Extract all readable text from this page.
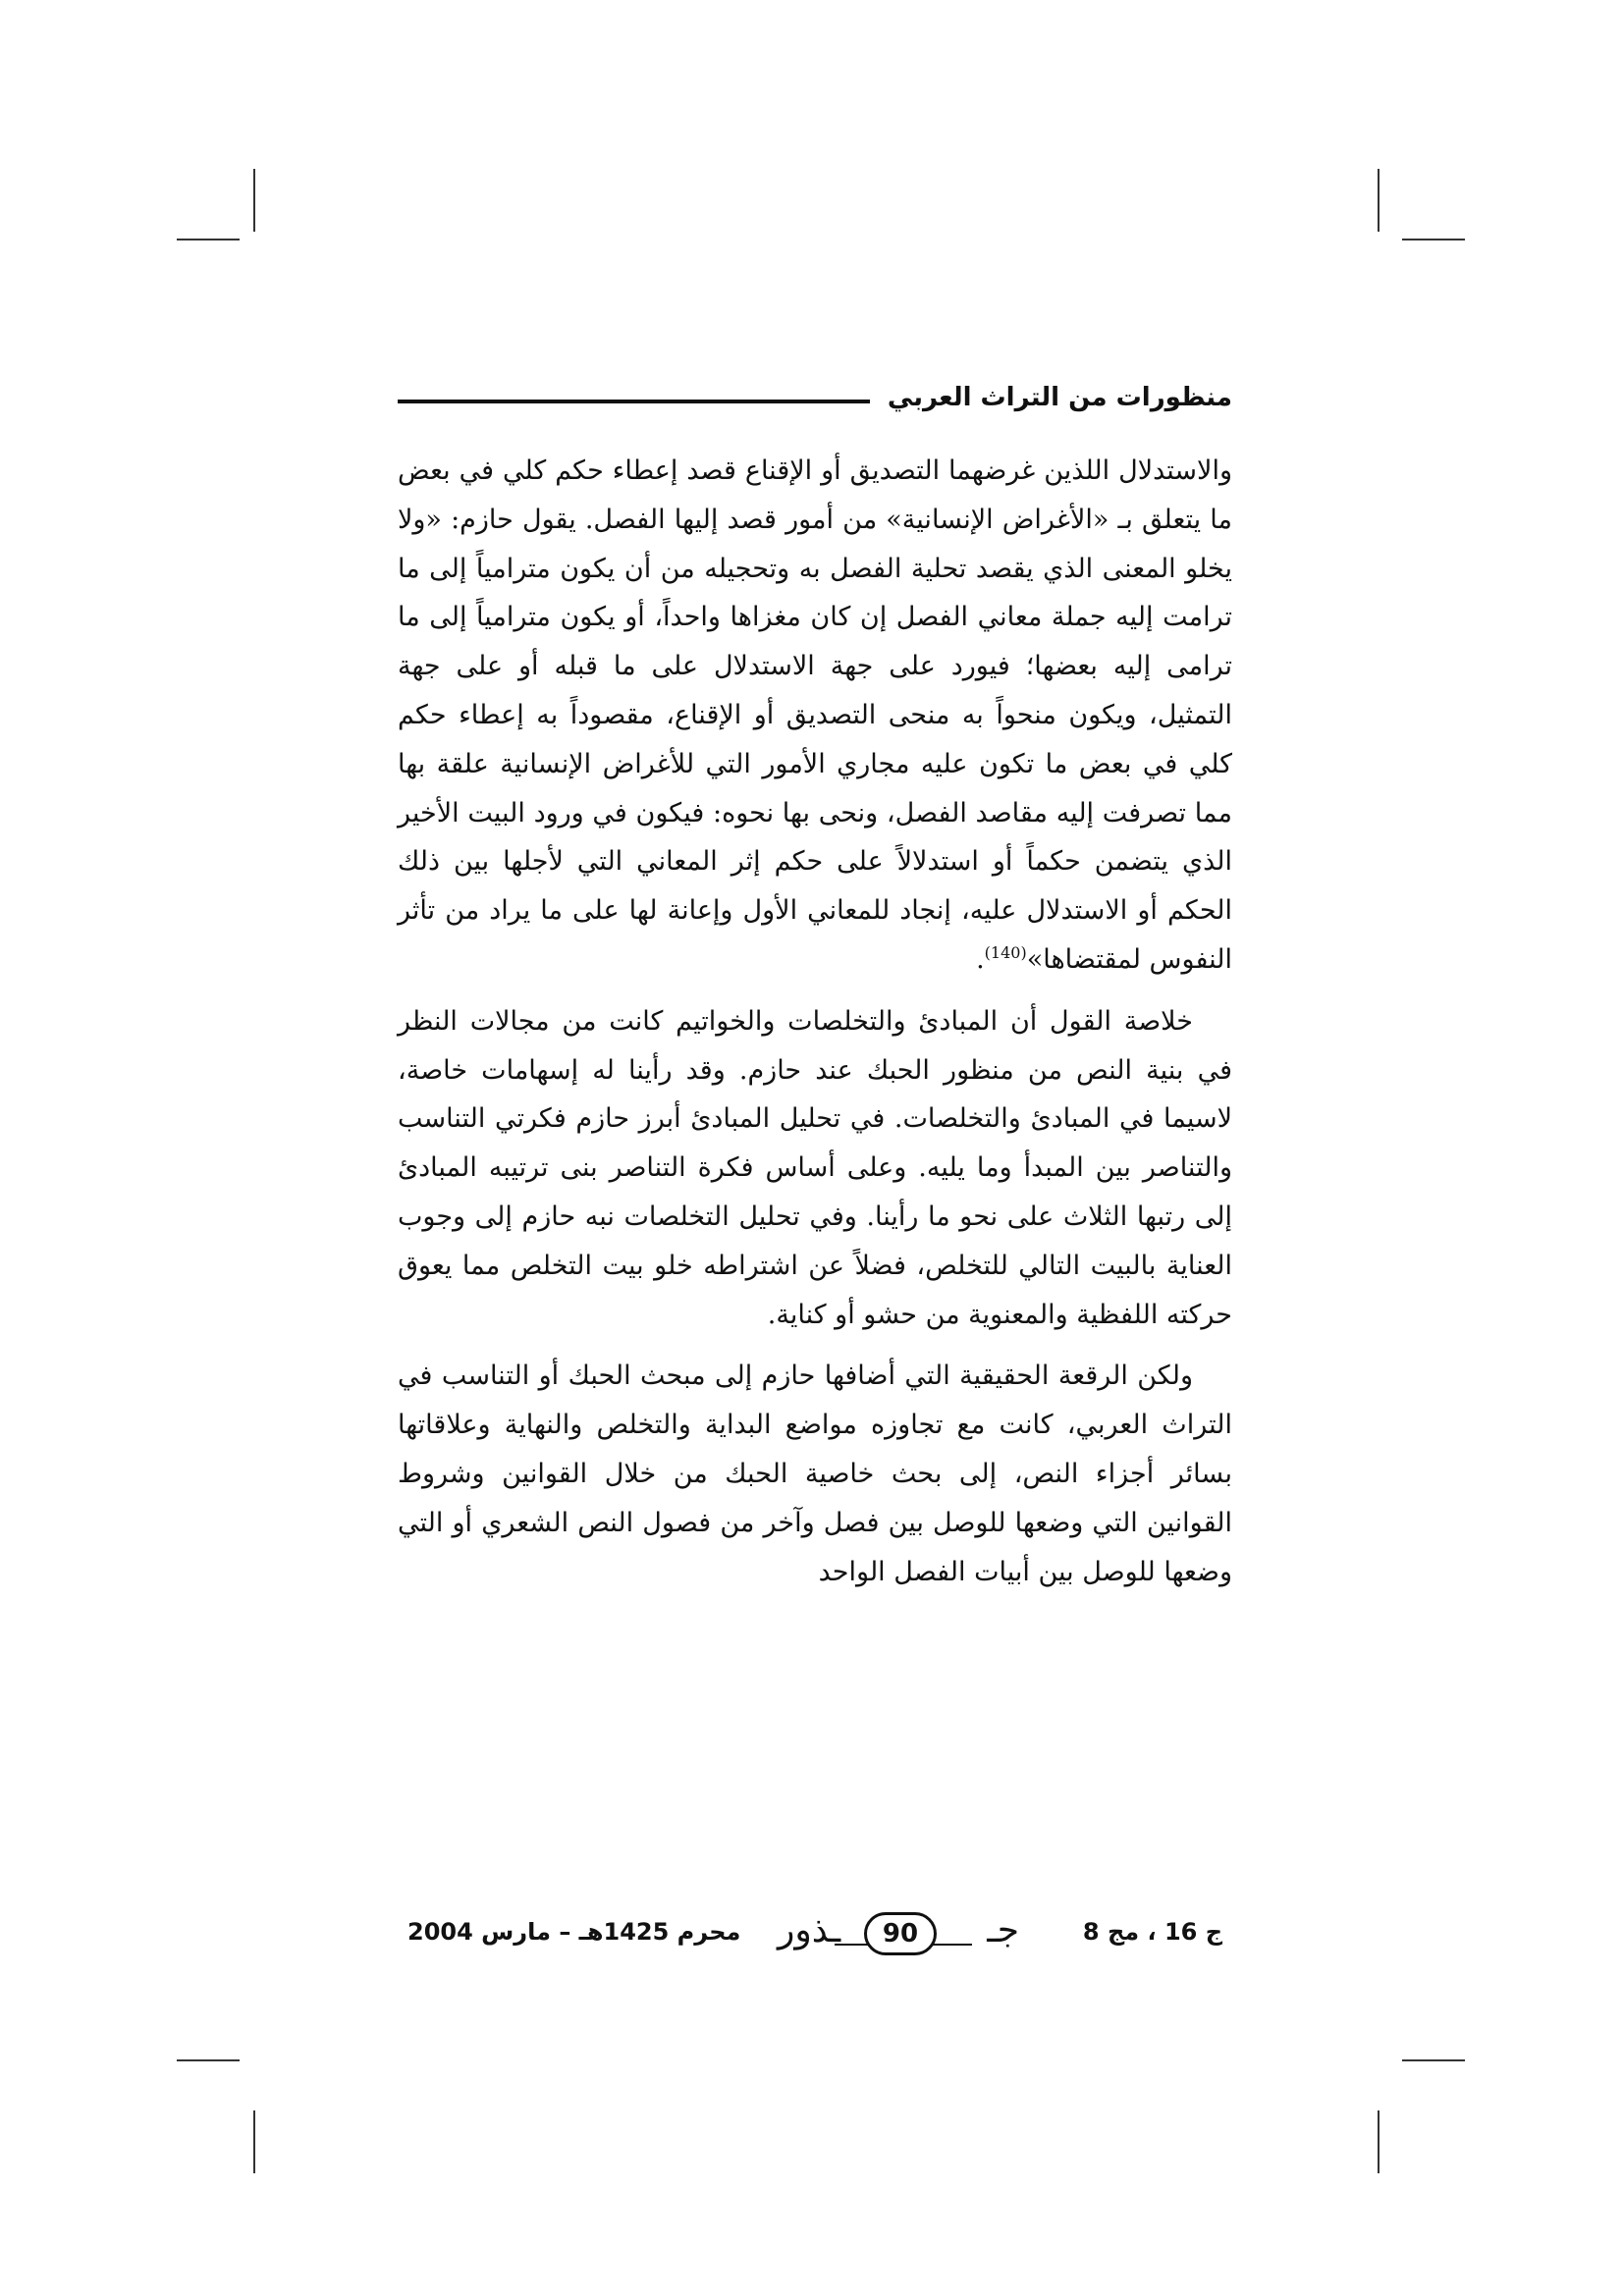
منظورات من التراث العربي

والاستدلال اللذين غرضهما التصديق أو الإقناع قصد إعطاء حكم كلي في بعض ما يتعلق بـ «الأغراض الإنسانية» من أمور قصد إليها الفصل. يقول حازم: «ولا يخلو المعنى الذي يقصد تحلية الفصل به وتحجيله من أن يكون مترامياً إلى ما ترامت إليه جملة معاني الفصل إن كان مغزاها واحداً، أو يكون مترامياً إلى ما ترامى إليه بعضها؛ فيورد على جهة الاستدلال على ما قبله أو على جهة التمثيل، ويكون منحواً به منحى التصديق أو الإقناع، مقصوداً به إعطاء حكم كلي في بعض ما تكون عليه مجاري الأمور التي للأغراض الإنسانية علقة بها مما تصرفت إليه مقاصد الفصل، ونحى بها نحوه: فيكون في ورود البيت الأخير الذي يتضمن حكماً أو استدلالاً على حكم إثر المعاني التي لأجلها بين ذلك الحكم أو الاستدلال عليه، إنجاد للمعاني الأول وإعانة لها على ما يراد من تأثر النفوس لمقتضاها»$^{(140)}$.

خلاصة القول أن المبادئ والتخلصات والخواتيم كانت من مجالات النظر في بنية النص من منظور الحبك عند حازم. وقد رأينا له إسهامات خاصة، لاسيما في المبادئ والتخلصات. في تحليل المبادئ أبرز حازم فكرتي التناسب والتناصر بين المبدأ وما يليه. وعلى أساس فكرة التناصر بنى ترتيبه المبادئ إلى رتبها الثلاث على نحو ما رأينا. وفي تحليل التخلصات نبه حازم إلى وجوب العناية بالبيت التالي للتخلص، فضلاً عن اشتراطه خلو بيت التخلص مما يعوق حركته اللفظية والمعنوية من حشو أو كناية.

ولكن الرقعة الحقيقية التي أضافها حازم إلى مبحث الحبك أو التناسب في التراث العربي، كانت مع تجاوزه مواضع البداية والتخلص والنهاية وعلاقاتها بسائر أجزاء النص، إلى بحث خاصية الحبك من خلال القوانين وشروط القوانين التي وضعها للوصل بين فصل وآخر من فصول النص الشعري أو التي وضعها للوصل بين أبيات الفصل الواحد

ج 16 ، مج 8
جـ
90
ـذور
محرم 1425هـ – مارس 2004
